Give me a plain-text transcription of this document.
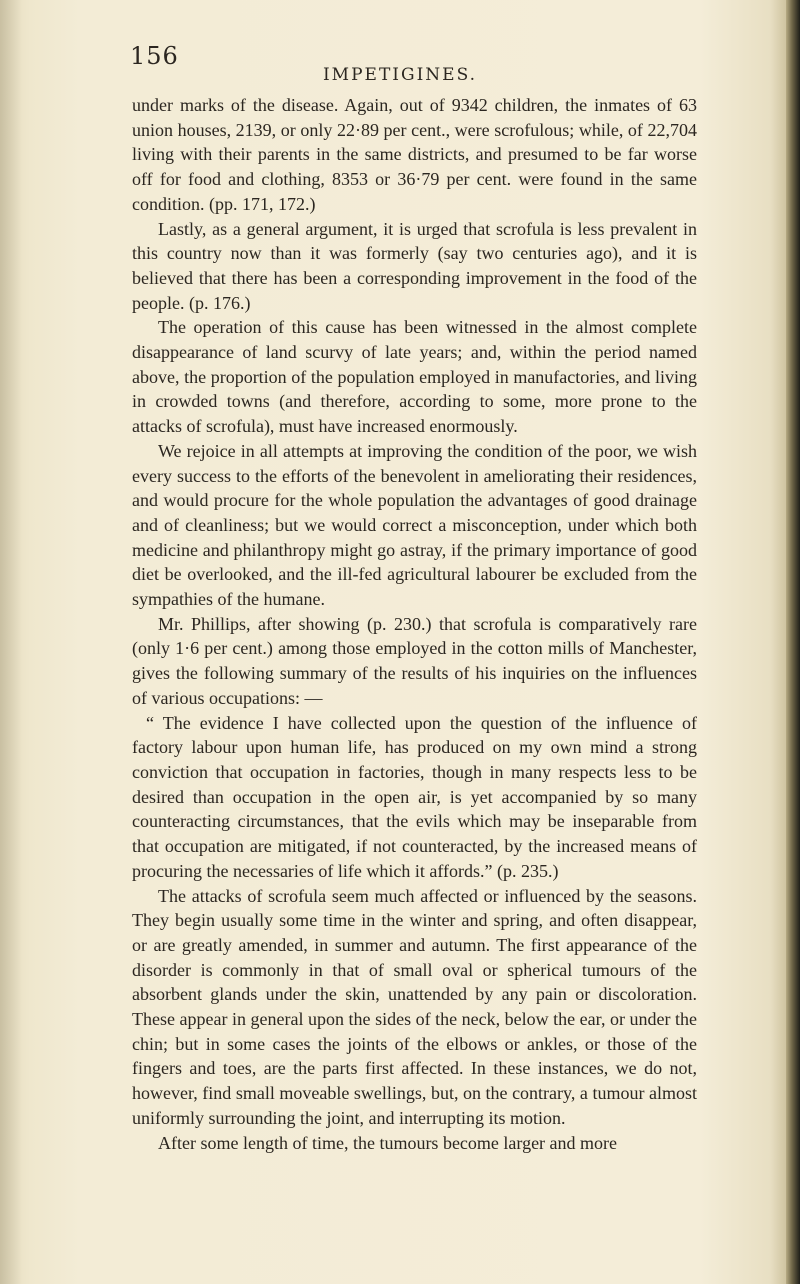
156
IMPETIGINES.

under marks of the disease. Again, out of 9342 children, the inmates of 63 union houses, 2139, or only 22·89 per cent., were scrofulous; while, of 22,704 living with their parents in the same districts, and presumed to be far worse off for food and clothing, 8353 or 36·79 per cent. were found in the same condition. (pp. 171, 172.)

Lastly, as a general argument, it is urged that scrofula is less prevalent in this country now than it was formerly (say two centuries ago), and it is believed that there has been a corresponding improvement in the food of the people. (p. 176.)

The operation of this cause has been witnessed in the almost complete disappearance of land scurvy of late years; and, within the period named above, the proportion of the population employed in manufactories, and living in crowded towns (and therefore, according to some, more prone to the attacks of scrofula), must have increased enormously.

We rejoice in all attempts at improving the condition of the poor, we wish every success to the efforts of the benevolent in ameliorating their residences, and would procure for the whole population the advantages of good drainage and of cleanliness; but we would correct a misconception, under which both medicine and philanthropy might go astray, if the primary importance of good diet be overlooked, and the ill-fed agricultural labourer be excluded from the sympathies of the humane.

Mr. Phillips, after showing (p. 230.) that scrofula is comparatively rare (only 1·6 per cent.) among those employed in the cotton mills of Manchester, gives the following summary of the results of his inquiries on the influences of various occupations: —

“ The evidence I have collected upon the question of the influence of factory labour upon human life, has produced on my own mind a strong conviction that occupation in factories, though in many respects less to be desired than occupation in the open air, is yet accompanied by so many counteracting circumstances, that the evils which may be inseparable from that occupation are mitigated, if not counteracted, by the increased means of procuring the necessaries of life which it affords.” (p. 235.)

The attacks of scrofula seem much affected or influenced by the seasons. They begin usually some time in the winter and spring, and often disappear, or are greatly amended, in summer and autumn. The first appearance of the disorder is commonly in that of small oval or spherical tumours of the absorbent glands under the skin, unattended by any pain or discoloration. These appear in general upon the sides of the neck, below the ear, or under the chin; but in some cases the joints of the elbows or ankles, or those of the fingers and toes, are the parts first affected. In these instances, we do not, however, find small moveable swellings, but, on the contrary, a tumour almost uniformly surrounding the joint, and interrupting its motion.

After some length of time, the tumours become larger and more
